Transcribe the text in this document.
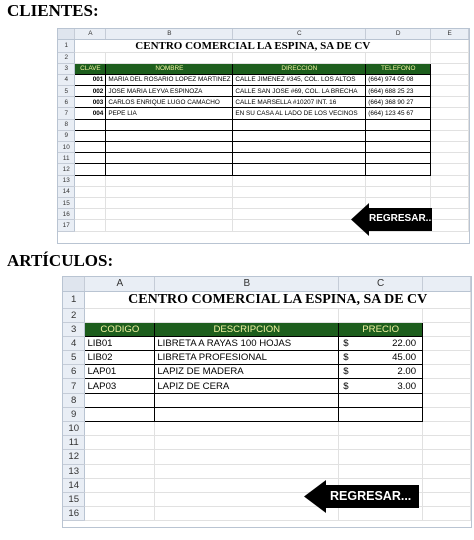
CLIENTES:
	A	B	C	D	E
1	CENTRO COMERCIAL LA ESPINA, SA DE CV				
2					
3	CLAVE	NOMBRE	DIRECCION	TELEFONO	
4	001	MARIA DEL ROSARIO LOPEZ MARTINEZ	CALLE JIMENEZ #345, COL. LOS ALTOS	(664) 974 05 08	
5	002	JOSE MARIA LEYVA ESPINOZA	CALLE SAN JOSE #69, COL. LA BRECHA	(664) 688 25 23	
6	003	CARLOS ENRIQUE LUGO CAMACHO	CALLE MARSELLA #10207 INT. 16	(664) 368 90 27	
7	004	PEPE LIA	EN SU CASA AL LADO DE LOS VECINOS	(664) 123 45 67	
8					
9					
10					
11					
12					
13					
14					
15					
16					
17					
REGRESAR...
ARTÍCULOS:
	A	B	C	
1	CENTRO COMERCIAL LA ESPINA, SA DE CV			
2				
3	CODIGO	DESCRIPCION	PRECIO	
4	LIB01	LIBRETA A RAYAS 100 HOJAS	$ 22.00	

5	LIB02	LIBRETA PROFESIONAL	$ 45.00	

6	LAP01	LAPIZ DE MADERA	$ 2.00	

7	LAP03	LAPIZ DE CERA	$ 3.00	

8				
9				
10				
11				
12				
13				
14				
15				
16				
REGRESAR...
